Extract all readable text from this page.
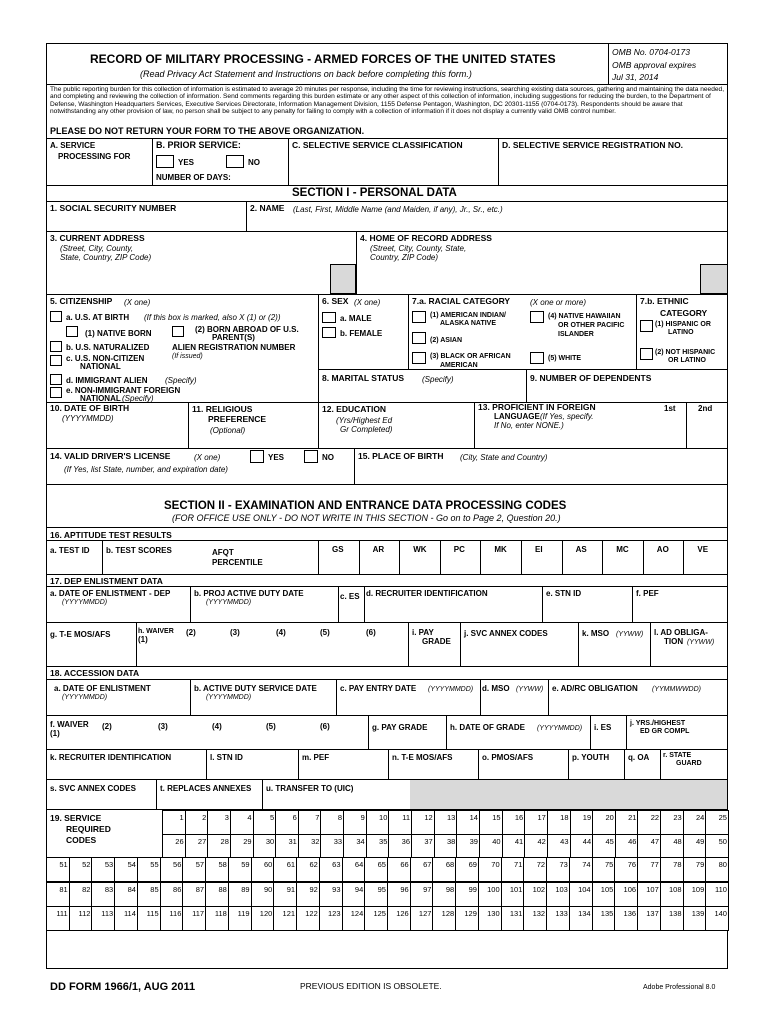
RECORD OF MILITARY PROCESSING - ARMED FORCES OF THE UNITED STATES
(Read Privacy Act Statement and Instructions on back before completing this form.)
OMB No. 0704-0173
OMB approval expires
Jul 31, 2014
The public reporting burden for this collection of information is estimated to average 20 minutes per response, including the time for reviewing instructions, searching existing data sources, gathering and maintaining the data needed, and completing and reviewing the collection of information. Send comments regarding this burden estimate or any other aspect of this collection of information, including suggestions for reducing the burden, to the Department of Defense, Washington Headquarters Services, Executive Services Directorate, Information Management Division, 1155 Defense Pentagon, Washington, DC 20301-1155 (0704-0173). Respondents should be aware that notwithstanding any other provision of law, no person shall be subject to any penalty for failing to comply with a collection of information if it does not display a currently valid OMB control number.
PLEASE DO NOT RETURN YOUR FORM TO THE ABOVE ORGANIZATION.
A. SERVICE
PROCESSING FOR
B. PRIOR SERVICE:
YES	NO
NUMBER OF DAYS:
C. SELECTIVE SERVICE CLASSIFICATION	D. SELECTIVE SERVICE REGISTRATION NO.
SECTION I - PERSONAL DATA
1. SOCIAL SECURITY NUMBER	2. NAME (Last, First, Middle Name (and Maiden, if any), Jr., Sr., etc.)
3. CURRENT ADDRESS
(Street, City, County,
State, Country, ZIP Code)
4. HOME OF RECORD ADDRESS
(Street, City, County, State,
Country, ZIP Code)
5. CITIZENSHIP (X one)
a. U.S. AT BIRTH (If this box is marked, also X (1) or (2))
(1) NATIVE BORN	(2) BORN ABROAD OF U.S.
PARENT(S)
b. U.S. NATURALIZED	ALIEN REGISTRATION NUMBER
c. U.S. NON-CITIZEN	(If issued)
NATIONAL
d. IMMIGRANT ALIEN (Specify)
e. NON-IMMIGRANT FOREIGN
NATIONAL (Specify)
6. SEX (X one)
a. MALE
b. FEMALE
7.a. RACIAL CATEGORY (X one or more)
(1) AMERICAN INDIAN/
ALASKA NATIVE
(2) ASIAN
(3) BLACK OR AFRICAN
AMERICAN
(4) NATIVE HAWAIIAN
OR OTHER PACIFIC
ISLANDER
(5) WHITE
7.b. ETHNIC
CATEGORY
(1) HISPANIC OR
LATINO
(2) NOT HISPANIC
OR LATINO
8. MARITAL STATUS (Specify)	9. NUMBER OF DEPENDENTS
10. DATE OF BIRTH
(YYYYMMDD)
11. RELIGIOUS
PREFERENCE
(Optional)
12. EDUCATION
(Yrs/Highest Ed
Gr Completed)
13. PROFICIENT IN FOREIGN
LANGUAGE (If Yes, specify.
If No, enter NONE.)
1st	2nd
14. VALID DRIVER'S LICENSE	(X one)	YES	NO
(If Yes, list State, number, and expiration date)
15. PLACE OF BIRTH (City, State and Country)
SECTION II - EXAMINATION AND ENTRANCE DATA PROCESSING CODES
(FOR OFFICE USE ONLY - DO NOT WRITE IN THIS SECTION - Go on to Page 2, Question 20.)
16. APTITUDE TEST RESULTS
a. TEST ID b. TEST SCORES	AFQT
PERCENTILE
GS	AR	WK	PC	MK	EI	AS	MC	AO	VE
17. DEP ENLISTMENT DATA
a. DATE OF ENLISTMENT - DEP
(YYYYMMDD)
b. PROJ ACTIVE DUTY DATE
(YYYYMMDD)
c. ES d. RECRUITER IDENTIFICATION	e. STN ID	f. PEF
g. T-E MOS/AFS	h. WAIVER
(1)
(2)	(3)	(4)	(5)	(6)	i. PAY
GRADE
j. SVC ANNEX CODES	k. MSO (YYWW) l. AD OBLIGA-
TION (YYWW)
18. ACCESSION DATA
a. DATE OF ENLISTMENT
(YYYYMMDD)
b. ACTIVE DUTY SERVICE DATE
(YYYYMMDD)
c. PAY ENTRY DATE (YYYYMMDD) d. MSO (YYWW) e. AD/RC OBLIGATION (YYMMWWDD)
f. WAIVER
(1)
(2)	(3)	(4)	(5)	(6)	g. PAY GRADE	h. DATE OF GRADE (YYYYMMDD) i. ES	j. YRS./HIGHEST
ED GR COMPL
k. RECRUITER IDENTIFICATION	l. STN ID	m. PEF	n. T-E MOS/AFS	o. PMOS/AFS	p. YOUTH q. OA r. STATE
GUARD
s. SVC ANNEX CODES	t. REPLACES ANNEXES u. TRANSFER TO (UIC)
19. SERVICE
REQUIRED
CODES
1	2	3	4	5	6	7	8	9	10	11	12	13	14	15	16	17	18	19	20	21	22	23	24	25
26	27	28	29	30	31	32	33	34	35	36	37	38	39	40	41	42	43	44	45	46	47	48	49	50
51	52	53	54	55	56	57	58	59	60	61	62	63	64	65	66	67	68	69	70	71	72	73	74	75	76	77	78	79	80
81	82	83	84	85	86	87	88	89	90	91	92	93	94	95	96	97	98	99	100	101	102	103	104	105	106	107	108	109	110
111	112	113	114	115	116	117	118	119	120	121	122	123	124	125	126	127	128	129	130	131	132	133	134	135	136	137	138	139	140
DD FORM 1966/1, AUG 2011	PREVIOUS EDITION IS OBSOLETE.	Adobe Professional 8.0
